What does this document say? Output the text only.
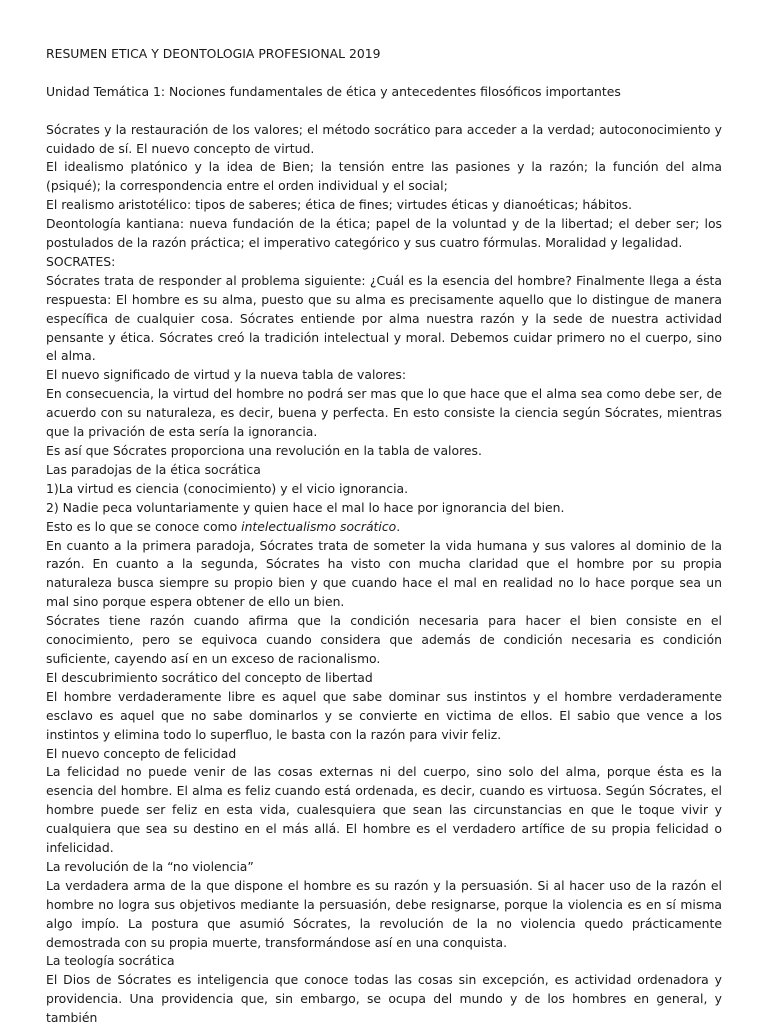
RESUMEN ETICA Y DEONTOLOGIA PROFESIONAL 2019

Unidad Temática 1: Nociones fundamentales de ética y antecedentes filosóficos importantes

Sócrates y la restauración de los valores; el método socrático para acceder a la verdad; autoconocimiento y cuidado de sí. El nuevo concepto de virtud.

El idealismo platónico y la idea de Bien; la tensión entre las pasiones y la razón; la función del alma (psiqué); la correspondencia entre el orden individual y el social;

El realismo aristotélico: tipos de saberes; ética de fines; virtudes éticas y dianoéticas; hábitos.

Deontología kantiana: nueva fundación de la ética; papel de la voluntad y de la libertad; el deber ser; los postulados de la razón práctica; el imperativo categórico y sus cuatro fórmulas. Moralidad y legalidad.

SOCRATES:

Sócrates trata de responder al problema siguiente: ¿Cuál es la esencia del hombre? Finalmente llega a ésta respuesta: El hombre es su alma, puesto que su alma es precisamente aquello que lo distingue de manera específica de cualquier cosa. Sócrates entiende por alma nuestra razón y la sede de nuestra actividad pensante y ética. Sócrates creó la tradición intelectual y moral. Debemos cuidar primero no el cuerpo, sino el alma.

El nuevo significado de virtud y la nueva tabla de valores:

En consecuencia, la virtud del hombre no podrá ser mas que lo que hace que el alma sea como debe ser, de acuerdo con su naturaleza, es decir, buena y perfecta. En esto consiste la ciencia según Sócrates, mientras que la privación de esta sería la ignorancia.

Es así que Sócrates proporciona una revolución en la tabla de valores.

Las paradojas de la ética socrática

1)La virtud es ciencia (conocimiento) y el vicio ignorancia.

2) Nadie peca voluntariamente y quien hace el mal lo hace por ignorancia del bien.

Esto es lo que se conoce como intelectualismo socrático.

En cuanto a la primera paradoja, Sócrates trata de someter la vida humana y sus valores al dominio de la razón. En cuanto a la segunda, Sócrates ha visto con mucha claridad que el hombre por su propia naturaleza busca siempre su propio bien y que cuando hace el mal en realidad no lo hace porque sea un mal sino porque espera obtener de ello un bien.

Sócrates tiene razón cuando afirma que la condición necesaria para hacer el bien consiste en el conocimiento, pero se equivoca cuando considera que además de condición necesaria es condición suficiente, cayendo así en un exceso de racionalismo.

El descubrimiento socrático del concepto de libertad

El hombre verdaderamente libre es aquel que sabe dominar sus instintos y el hombre verdaderamente esclavo es aquel que no sabe dominarlos y se convierte en victima de ellos. El sabio que vence a los instintos y elimina todo lo superfluo, le basta con la razón para vivir feliz.

El nuevo concepto de felicidad

La felicidad no puede venir de las cosas externas ni del cuerpo, sino solo del alma, porque ésta es la esencia del hombre. El alma es feliz cuando está ordenada, es decir, cuando es virtuosa. Según Sócrates, el hombre puede ser feliz en esta vida, cualesquiera que sean las circunstancias en que le toque vivir y cualquiera que sea su destino en el más allá. El hombre es el verdadero artífice de su propia felicidad o infelicidad.

La revolución de la “no violencia”

La verdadera arma de la que dispone el hombre es su razón y la persuasión. Si al hacer uso de la razón el hombre no logra sus objetivos mediante la persuasión, debe resignarse, porque la violencia es en sí misma algo impío. La postura que asumió Sócrates, la revolución de la no violencia quedo prácticamente demostrada con su propia muerte, transformándose así en una conquista.

La teología socrática

El Dios de Sócrates es inteligencia que conoce todas las cosas sin excepción, es actividad ordenadora y providencia. Una providencia que, sin embargo, se ocupa del mundo y de los hombres en general, y también
